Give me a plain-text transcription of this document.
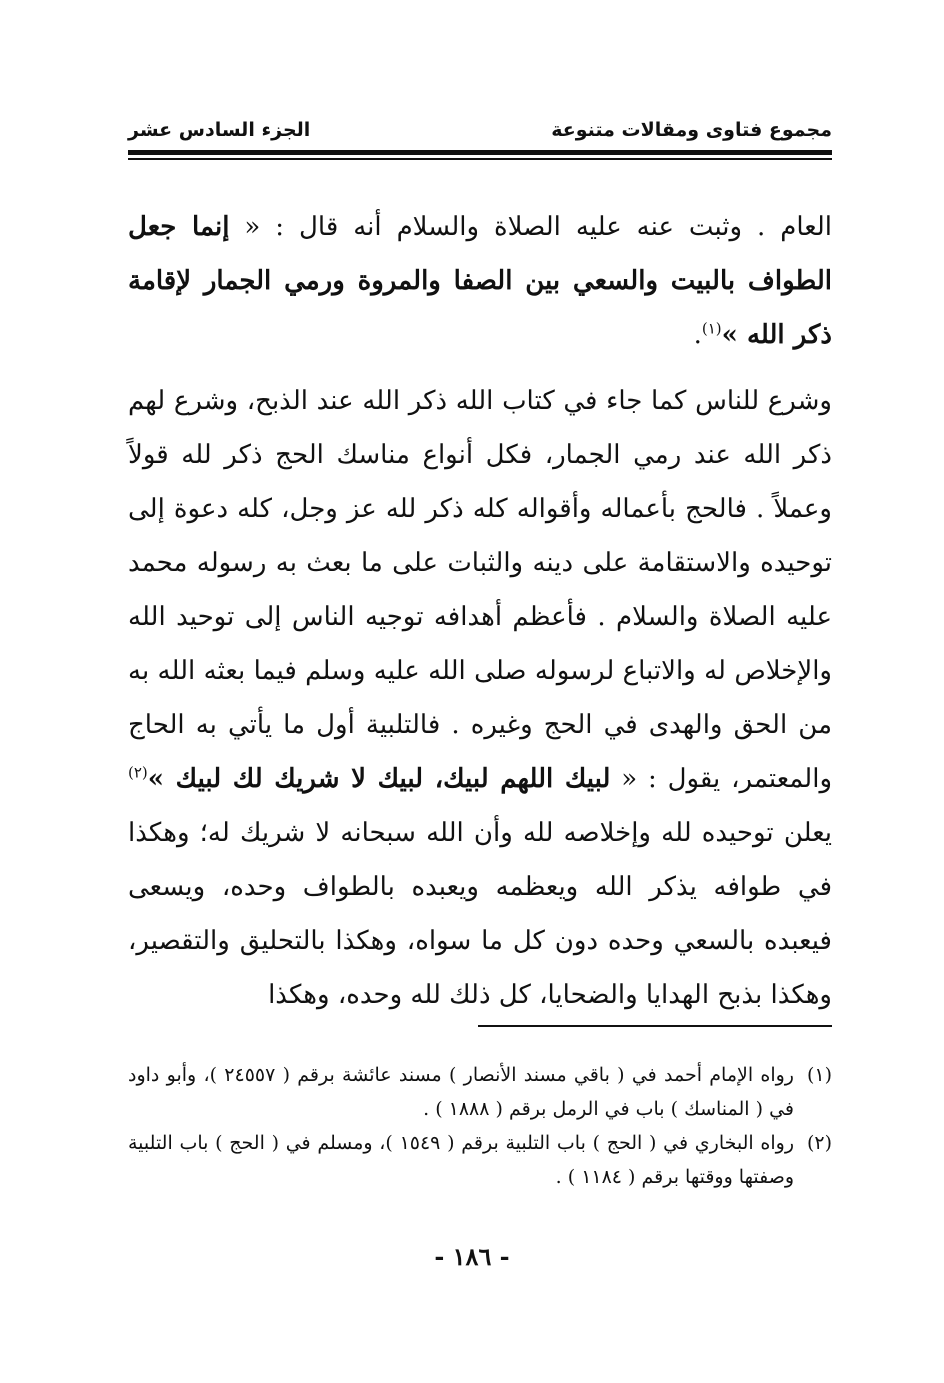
مجموع فتاوى ومقالات متنوعة
الجزء السادس عشر

العام . وثبت عنه عليه الصلاة والسلام أنه قال : « إنما جعل الطواف بالبيت والسعي بين الصفا والمروة ورمي الجمار لإقامة ذكر الله »$^{(١)}$.

وشرع للناس كما جاء في كتاب الله ذكر الله عند الذبح، وشرع لهم ذكر الله عند رمي الجمار، فكل أنواع مناسك الحج ذكر لله قولاً وعملاً . فالحج بأعماله وأقواله كله ذكر لله عز وجل، كله دعوة إلى توحيده والاستقامة على دينه والثبات على ما بعث به رسوله محمد عليه الصلاة والسلام . فأعظم أهدافه توجيه الناس إلى توحيد الله والإخلاص له والاتباع لرسوله صلى الله عليه وسلم فيما بعثه الله به من الحق والهدى في الحج وغيره . فالتلبية أول ما يأتي به الحاج والمعتمر، يقول : « لبيك اللهم لبيك، لبيك لا شريك لك لبيك »$^{(٢)}$ يعلن توحيده لله وإخلاصه لله وأن الله سبحانه لا شريك له؛ وهكذا في طوافه يذكر الله ويعظمه ويعبده بالطواف وحده، ويسعى فيعبده بالسعي وحده دون كل ما سواه، وهكذا بالتحليق والتقصير، وهكذا بذبح الهدايا والضحايا، كل ذلك لله وحده، وهكذا

(١)
رواه الإمام أحمد في ( باقي مسند الأنصار ) مسند عائشة برقم ( ٢٤٥٥٧ )، وأبو داود في ( المناسك ) باب في الرمل برقم ( ١٨٨٨ ) .
(٢)
رواه البخاري في ( الحج ) باب التلبية برقم ( ١٥٤٩ )، ومسلم في ( الحج ) باب التلبية وصفتها ووقتها برقم ( ١١٨٤ ) .
- ١٨٦ -
